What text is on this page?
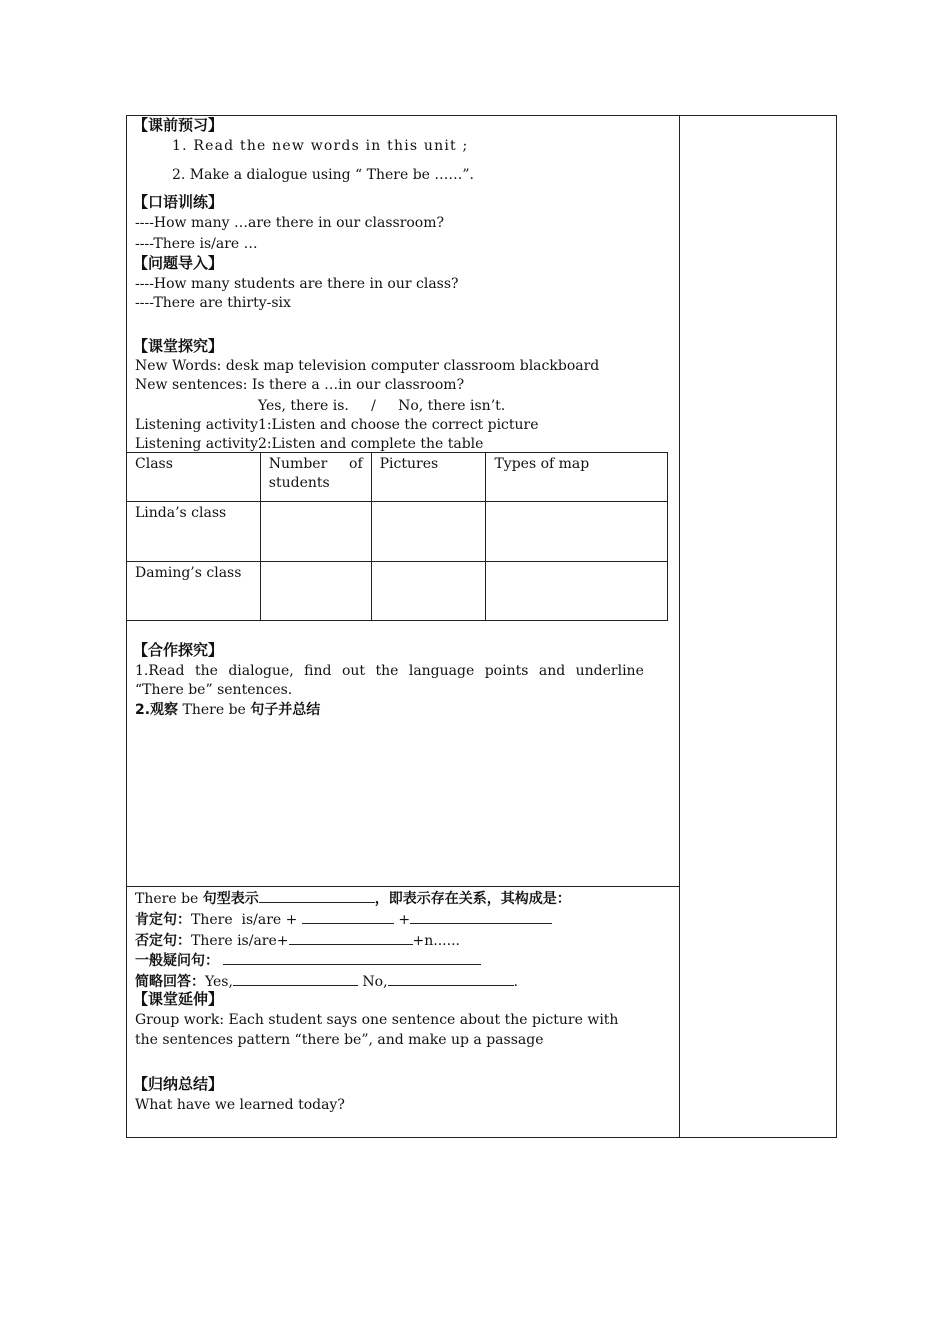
【课前预习】
1. Read the new words in this unit ;
2. Make a dialogue using “ There be ……”.
【口语训练】
----How many …are there in our classroom?
----There is/are …
【问题导入】
----How many students are there in our class?
----There are thirty-six
【课堂探究】
New Words: desk map television computer classroom blackboard
New sentences: Is there a …in our classroom?
Yes, there is.     /     No, there isn’t.
Listening activity1:Listen and choose the correct picture
Listening activity2:Listen and complete the table
Class	Number of students	Pictures	Types of map
Linda’s class			
Daming’s class			
【合作探究】
1.Read the dialogue, find out the language points and underline
“There be” sentences.
2.观察 There be 句子并总结
There be 句型表示	，即表示存在关系，其构成是：
肯定句：There  is/are +	+
否定句：There is/are+	+n......
一般疑问句：
简略回答：Yes,	No,	.
【课堂延伸】
Group work: Each student says one sentence about the picture with
the sentences pattern “there be”, and make up a passage
【归纳总结】
What have we learned today?
